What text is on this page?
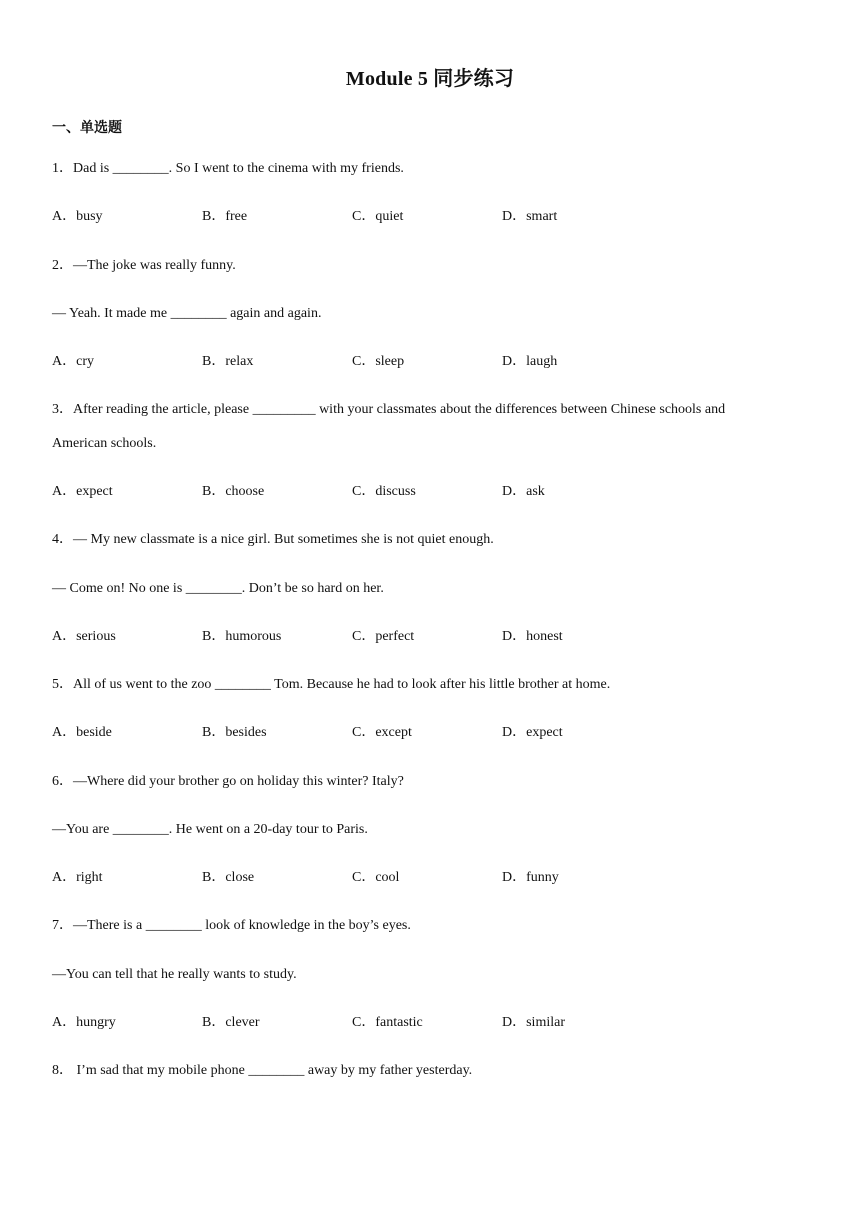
Module 5 同步练习
一、单选题
1．Dad is ________. So I went to the cinema with my friends.
A．busy	B．free	C．quiet	D．smart
2．—The joke was really funny.
— Yeah. It made me ________ again and again.
A．cry	B．relax	C．sleep	D．laugh
3．After reading the article, please _________ with your classmates about the differences between Chinese schools and
American schools.
A．expect	B．choose	C．discuss	D．ask
4．— My new classmate is a nice girl. But sometimes she is not quiet enough.
— Come on! No one is ________. Don’t be so hard on her.
A．serious	B．humorous	C．perfect	D．honest
5．All of us went to the zoo ________ Tom. Because he had to look after his little brother at home.
A．beside	B．besides	C．except	D．expect
6．—Where did your brother go on holiday this winter? Italy?
—You are ________. He went on a 20-day tour to Paris.
A．right	B．close	C．cool	D．funny
7．—There is a ________ look of knowledge in the boy’s eyes.
—You can tell that he really wants to study.
A．hungry	B．clever	C．fantastic	D．similar
8． I’m sad that my mobile phone ________ away by my father yesterday.
